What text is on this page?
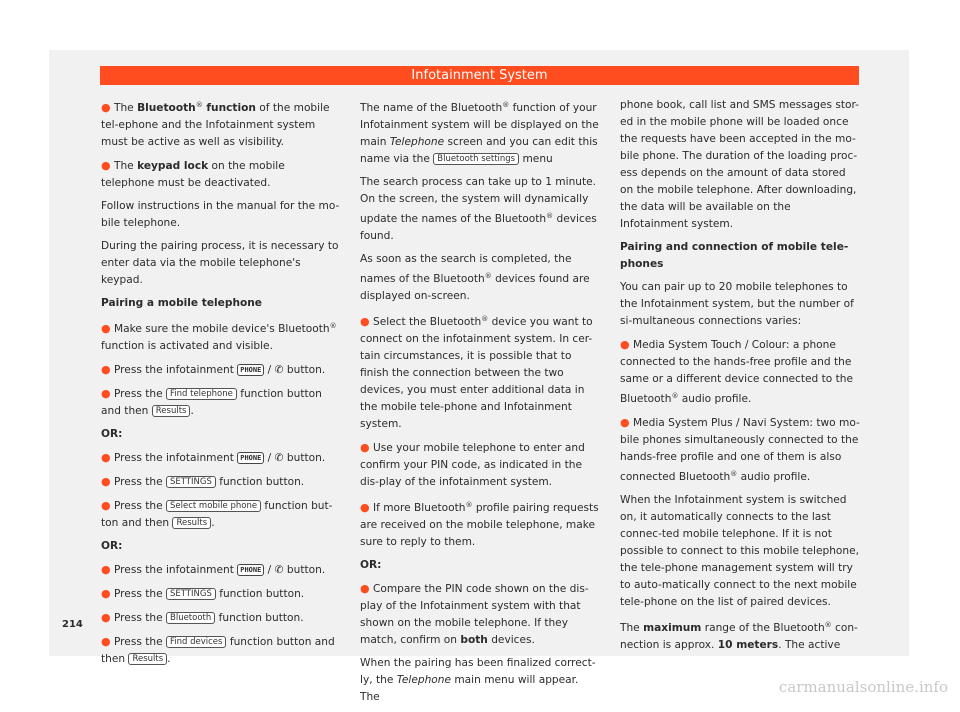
Infotainment System

● The Bluetooth® function of the mobile tel-ephone and the Infotainment system must be active as well as visibility.

● The keypad lock on the mobile telephone must be deactivated.

Follow instructions in the manual for the mo-bile telephone.

During the pairing process, it is necessary to enter data via the mobile telephone's keypad.

Pairing a mobile telephone

● Make sure the mobile device's Bluetooth® function is activated and visible.

● Press the infotainment PHONE / ✆ button.

● Press the Find telephone function button and then Results .

OR:

● Press the infotainment PHONE / ✆ button.

● Press the SETTINGS function button.

● Press the Select mobile phone function but-ton and then Results .

OR:

● Press the infotainment PHONE / ✆ button.

● Press the SETTINGS function button.

● Press the Bluetooth function button.

● Press the Find devices function button and then Results .

The name of the Bluetooth® function of your Infotainment system will be displayed on the main Telephone screen and you can edit this name via the Bluetooth settings menu

The search process can take up to 1 minute. On the screen, the system will dynamically update the names of the Bluetooth® devices found.

As soon as the search is completed, the names of the Bluetooth® devices found are displayed on-screen.

● Select the Bluetooth® device you want to connect on the infotainment system. In cer-tain circumstances, it is possible that to finish the connection between the two devices, you must enter additional data in the mobile tele-phone and Infotainment system.

● Use your mobile telephone to enter and confirm your PIN code, as indicated in the dis-play of the infotainment system.

● If more Bluetooth® profile pairing requests are received on the mobile telephone, make sure to reply to them.

OR:

● Compare the PIN code shown on the dis-play of the Infotainment system with that shown on the mobile telephone. If they match, confirm on both devices.

When the pairing has been finalized correct-ly, the Telephone main menu will appear. The

phone book, call list and SMS messages stor-ed in the mobile phone will be loaded once the requests have been accepted in the mo-bile phone. The duration of the loading proc-ess depends on the amount of data stored on the mobile telephone. After downloading, the data will be available on the Infotainment system.

Pairing and connection of mobile tele-phones

You can pair up to 20 mobile telephones to the Infotainment system, but the number of si-multaneous connections varies:

● Media System Touch / Colour: a phone connected to the hands-free profile and the same or a different device connected to the Bluetooth® audio profile.

● Media System Plus / Navi System: two mo-bile phones simultaneously connected to the hands-free profile and one of them is also connected Bluetooth® audio profile.

When the Infotainment system is switched on, it automatically connects to the last connec-ted mobile telephone. If it is not possible to connect to this mobile telephone, the tele-phone management system will try to auto-matically connect to the next mobile tele-phone on the list of paired devices.

The maximum range of the Bluetooth® con-nection is approx. 10 meters. The active

214
carmanualsonline.info
